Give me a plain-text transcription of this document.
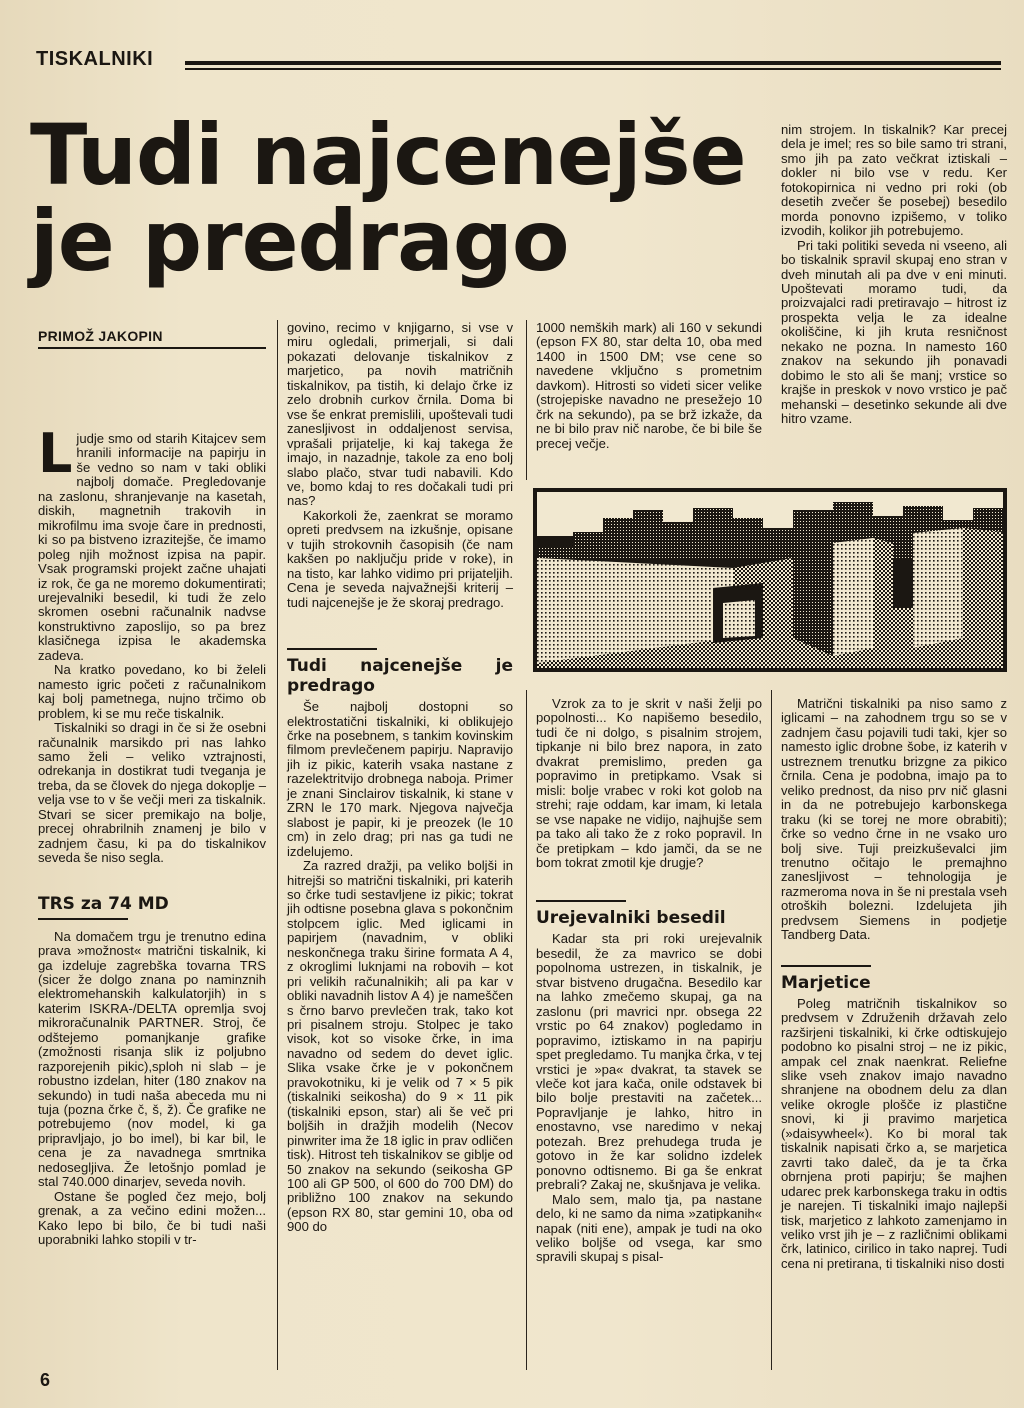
TISKALNIKI
Tudi najcenejše
je predrago
PRIMOŽ JAKOPIN

Ljudje smo od starih Kitajcev sem hranili informacije na papirju in še vedno so nam v taki obliki najbolj domače. Pregledovanje na zaslonu, shranjevanje na kasetah, diskih, magnetnih trakovih in mikrofilmu ima svoje čare in prednosti, ki so pa bistveno izrazitejše, če imamo poleg njih možnost izpisa na papir. Vsak programski projekt začne uhajati iz rok, če ga ne moremo dokumentirati; urejevalniki besedil, ki tudi že zelo skromen osebni računalnik nadvse konstruktivno zaposlijo, so pa brez klasičnega izpisa le akademska zadeva.

Na kratko povedano, ko bi želeli namesto igric početi z računalnikom kaj bolj pametnega, nujno trčimo ob problem, ki se mu reče tiskalnik.

Tiskalniki so dragi in če si že osebni računalnik marsikdo pri nas lahko samo želi – veliko vztrajnosti, odrekanja in dostikrat tudi tveganja je treba, da se človek do njega dokoplje – velja vse to v še večji meri za tiskalnik. Stvari se sicer premikajo na bolje, precej ohrabrilnih znamenj je bilo v zadnjem času, ki pa do tiskalnikov seveda še niso segla.

TRS za 74 MD

Na domačem trgu je trenutno edina prava »možnost« matrični tiskalnik, ki ga izdeluje zagrebška tovarna TRS (sicer že dolgo znana po naminznih elektromehanskih kalkulatorjih) in s katerim ISKRA-/DELTA opremlja svoj mikroračunalnik PARTNER. Stroj, če odštejemo pomanjkanje grafike (zmožnosti risanja slik iz poljubno razporejenih pikic),sploh ni slab – je robustno izdelan, hiter (180 znakov na sekundo) in tudi naša abeceda mu ni tuja (pozna črke č, š, ž). Če grafike ne potrebujemo (nov model, ki ga pripravljajo, jo bo imel), bi kar bil, le cena je za navadnega smrtnika nedosegljiva. Že letošnjo pomlad je stal 740.000 dinarjev, seveda novih.

Ostane še pogled čez mejo, bolj grenak, a za večino edini možen... Kako lepo bi bilo, če bi tudi naši uporabniki lahko stopili v tr-

govino, recimo v knjigarno, si vse v miru ogledali, primerjali, si dali pokazati delovanje tiskalnikov z marjetico, pa novih matričnih tiskalnikov, pa tistih, ki delajo črke iz zelo drobnih curkov črnila. Doma bi vse še enkrat premislili, upoštevali tudi zanesljivost in oddaljenost servisa, vprašali prijatelje, ki kaj takega že imajo, in nazadnje, takole za eno bolj slabo plačo, stvar tudi nabavili. Kdo ve, bomo kdaj to res dočakali tudi pri nas?

Kakorkoli že, zaenkrat se moramo opreti predvsem na izkušnje, opisane v tujih strokovnih časopisih (če nam kakšen po naključju pride v roke), in na tisto, kar lahko vidimo pri prijateljih. Cena je seveda najvažnejši kriterij – tudi najcenejše je že skoraj predrago.

Tudi najcenejše je predrago

Še najbolj dostopni so elektrostatični tiskalniki, ki oblikujejo črke na posebnem, s tankim kovinskim filmom prevlečenem papirju. Napravijo jih iz pikic, katerih vsaka nastane z razelektritvijo drobnega naboja. Primer je znani Sinclairov tiskalnik, ki stane v ZRN le 170 mark. Njegova največja slabost je papir, ki je preozek (le 10 cm) in zelo drag; pri nas ga tudi ne izdelujemo.

Za razred dražji, pa veliko boljši in hitrejši so matrični tiskalniki, pri katerih so črke tudi sestavljene iz pikic; tokrat jih odtisne posebna glava s pokončnim stolpcem iglic. Med iglicami in papirjem (navadnim, v obliki neskončnega traku širine formata A 4, z okroglimi luknjami na robovih – kot pri velikih računalnikih; ali pa kar v obliki navadnih listov A 4) je nameščen s črno barvo prevlečen trak, tako kot pri pisalnem stroju. Stolpec je tako visok, kot so visoke črke, in ima navadno od sedem do devet iglic. Slika vsake črke je v pokončnem pravokotniku, ki je velik od 7 × 5 pik (tiskalniki seikosha) do 9 × 11 pik (tiskalniki epson, star) ali še več pri boljših in dražjih modelih (Necov pinwriter ima že 18 iglic in prav odličen tisk). Hitrost teh tiskalnikov se giblje od 50 znakov na sekundo (seikosha GP 100 ali GP 500, ol 600 do 700 DM) do približno 100 znakov na sekundo (epson RX 80, star gemini 10, oba od 900 do

1000 nemških mark) ali 160 v sekundi (epson FX 80, star delta 10, oba med 1400 in 1500 DM; vse cene so navedene vključno s prometnim davkom). Hitrosti so videti sicer velike (strojepiske navadno ne presežejo 10 črk na sekundo), pa se brž izkaže, da ne bi bilo prav nič narobe, če bi bile še precej večje.

Vzrok za to je skrit v naši želji po popolnosti... Ko napišemo besedilo, tudi če ni dolgo, s pisalnim strojem, tipkanje ni bilo brez napora, in zato dvakrat premislimo, preden ga popravimo in pretipkamo. Vsak si misli: bolje vrabec v roki kot golob na strehi; raje oddam, kar imam, ki letala se vse napake ne vidijo, najhujše sem pa tako ali tako že z roko popravil. In če pretipkam – kdo jamči, da se ne bom tokrat zmotil kje drugje?

Urejevalniki besedil

Kadar sta pri roki urejevalnik besedil, že za mavrico se dobi popolnoma ustrezen, in tiskalnik, je stvar bistveno drugačna. Besedilo kar na lahko zmečemo skupaj, ga na zaslonu (pri mavrici npr. obsega 22 vrstic po 64 znakov) pogledamo in popravimo, iztiskamo in na papirju spet pregledamo. Tu manjka črka, v tej vrstici je »pa« dvakrat, ta stavek se vleče kot jara kača, onile odstavek bi bilo bolje prestaviti na začetek... Popravljanje je lahko, hitro in enostavno, vse naredimo v nekaj potezah. Brez prehudega truda je gotovo in že kar solidno izdelek ponovno odtisnemo. Bi ga še enkrat prebrali? Zakaj ne, skušnjava je velika.

Malo sem, malo tja, pa nastane delo, ki ne samo da nima »zatipkanih« napak (niti ene), ampak je tudi na oko veliko boljše od vsega, kar smo spravili skupaj s pisal-

nim strojem. In tiskalnik? Kar precej dela je imel; res so bile samo tri strani, smo jih pa zato večkrat iztiskali – dokler ni bilo vse v redu. Ker fotokopirnica ni vedno pri roki (ob desetih zvečer še posebej) besedilo morda ponovno izpišemo, v toliko izvodih, kolikor jih potrebujemo.

Pri taki politiki seveda ni vseeno, ali bo tiskalnik spravil skupaj eno stran v dveh minutah ali pa dve v eni minuti. Upoštevati moramo tudi, da proizvajalci radi pretiravajo – hitrost iz prospekta velja le za idealne okoliščine, ki jih kruta resničnost nekako ne pozna. In namesto 160 znakov na sekundo jih ponavadi dobimo le sto ali še manj; vrstice so krajše in preskok v novo vrstico je pač mehanski – desetinko sekunde ali dve hitro vzame.

Matrični tiskalniki pa niso samo z iglicami – na zahodnem trgu so se v zadnjem času pojavili tudi taki, kjer so namesto iglic drobne šobe, iz katerih v ustreznem trenutku brizgne za pikico črnila. Cena je podobna, imajo pa to veliko prednost, da niso prv nič glasni in da ne potrebujejo karbonskega traku (ki se torej ne more obrabiti); črke so vedno črne in ne vsako uro bolj sive. Tuji preizkuševalci jim trenutno očitajo le premajhno zanesljivost – tehnologija je razmeroma nova in še ni prestala vseh otroških bolezni. Izdelujeta jih predvsem Siemens in podjetje Tandberg Data.

Marjetice

Poleg matričnih tiskalnikov so predvsem v Združenih državah zelo razširjeni tiskalniki, ki črke odtiskujejo podobno ko pisalni stroj – ne iz pikic, ampak cel znak naenkrat. Reliefne slike vseh znakov imajo navadno shranjene na obodnem delu za dlan velike okrogle plošče iz plastične snovi, ki ji pravimo marjetica (»daisywheel«). Ko bi moral tak tiskalnik napisati črko a, se marjetica zavrti tako daleč, da je ta črka obrnjena proti papirju; še majhen udarec prek karbonskega traku in odtis je narejen. Ti tiskalniki imajo najlepši tisk, marjetico z lahkoto zamenjamo in veliko vrst jih je – z različnimi oblikami črk, latinico, cirilico in tako naprej. Tudi cena ni pretirana, ti tiskalniki niso dosti

6
